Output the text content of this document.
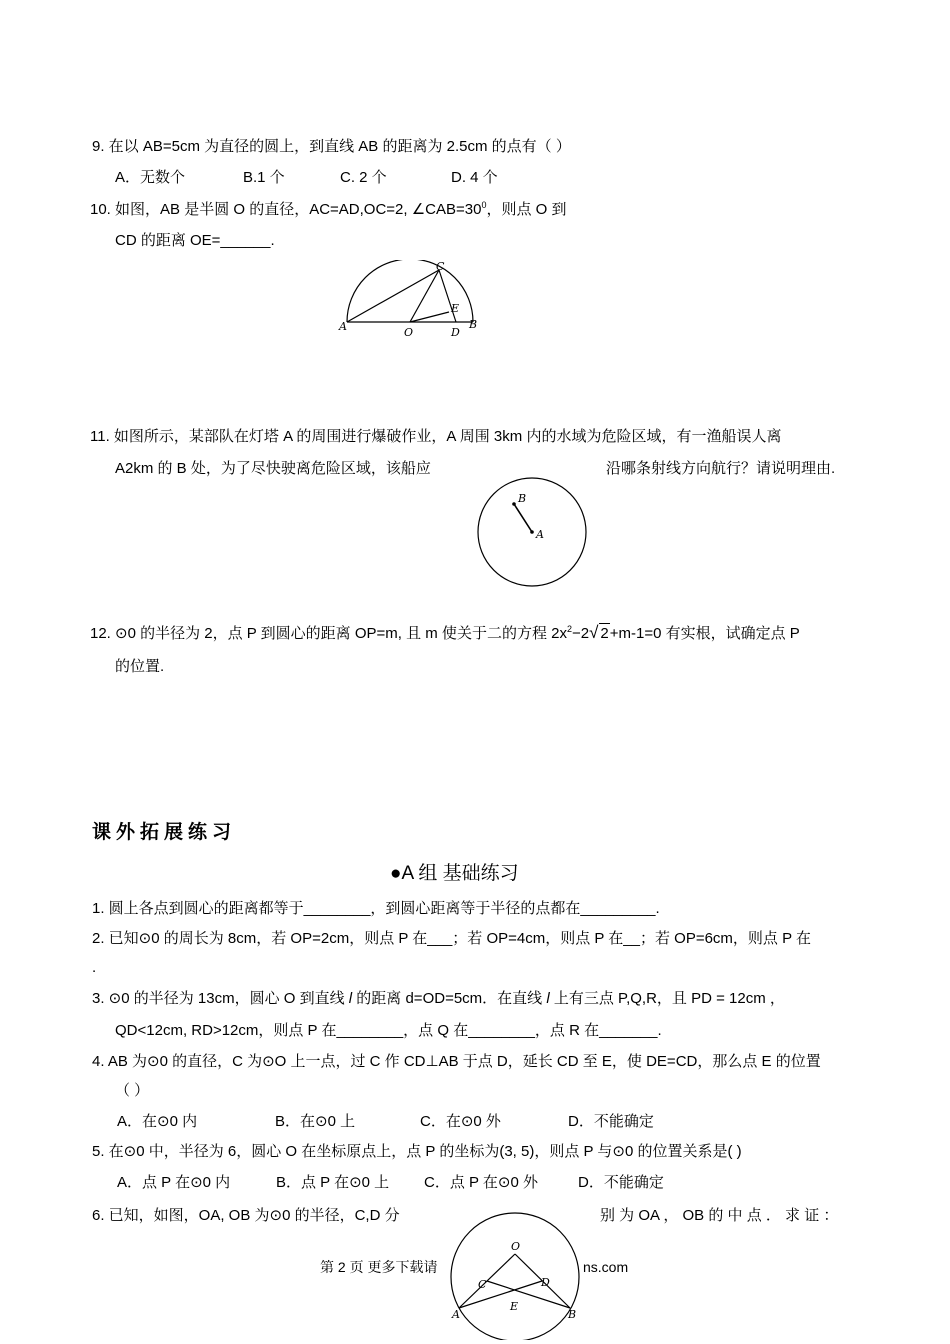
9. 在以 AB=5cm 为直径的圆上，到直线 AB 的距离为 2.5cm 的点有（ ）
A．无数个	B.1 个	C. 2 个	D. 4 个
10. 如图，AB 是半圆 O 的直径，AC=AD,OC=2, $\angle CAB=30^0$，则点 O 到
CD 的距离 OE=______.
A	O	D
B
C
E
11. 如图所示，某部队在灯塔 A 的周围进行爆破作业，A 周围 3km 内的水域为危险区域，有一渔船误人离
A2km 的 B 处，为了尽快驶离危险区域，该船应	沿哪条射线方向航行？请说明理由.
B
A
12. ⊙0 的半径为 2，点 P 到圆心的距离 OP=m, 且 m 使关于二的方程 $2x^2-2√$ 2+m-1=0 有实根，试确定点 P
的位置.
课外拓展练习
●A 组 基础练习
1. 圆上各点到圆心的距离都等于________，到圆心距离等于半径的点都在_________.
2. 已知⊙0 的周长为 8cm，若 OP=2cm，则点 P 在___；若 OP=4cm，则点 P 在__；若 OP=6cm，则点 P 在
.
3. ⊙0 的半径为 13cm，圆心 O 到直线 l 的距离 d=OD=5cm．在直线 l 上有三点 P,Q,R，且 PD = 12cm ，
QD<12cm, RD>12cm，则点 P 在________，点 Q 在________，点 R 在_______.
4. AB 为⊙0 的直径，C 为⊙O 上一点，过 C 作 CD⊥AB 于点 D，延长 CD 至 E，使 DE=CD，那么点 E 的位置
（ ）
A．在⊙0 内	B．在⊙0 上	C．在⊙0 外	D．不能确定
5. 在⊙0 中，半径为 6，圆心 O 在坐标原点上，点 P 的坐标为(3, 5)，则点 P 与⊙0 的位置关系是( )
A．点 P 在⊙0 内	B．点 P 在⊙0 上 C．点 P 在⊙0 外	D．不能确定
6. 已知，如图，OA, OB 为⊙0 的半径，C,D 分	别 为 OA ， OB 的 中 点 ． 求 证 ：
第 2 页 更多下载请	ns.com
O
C	D
A
E
B
